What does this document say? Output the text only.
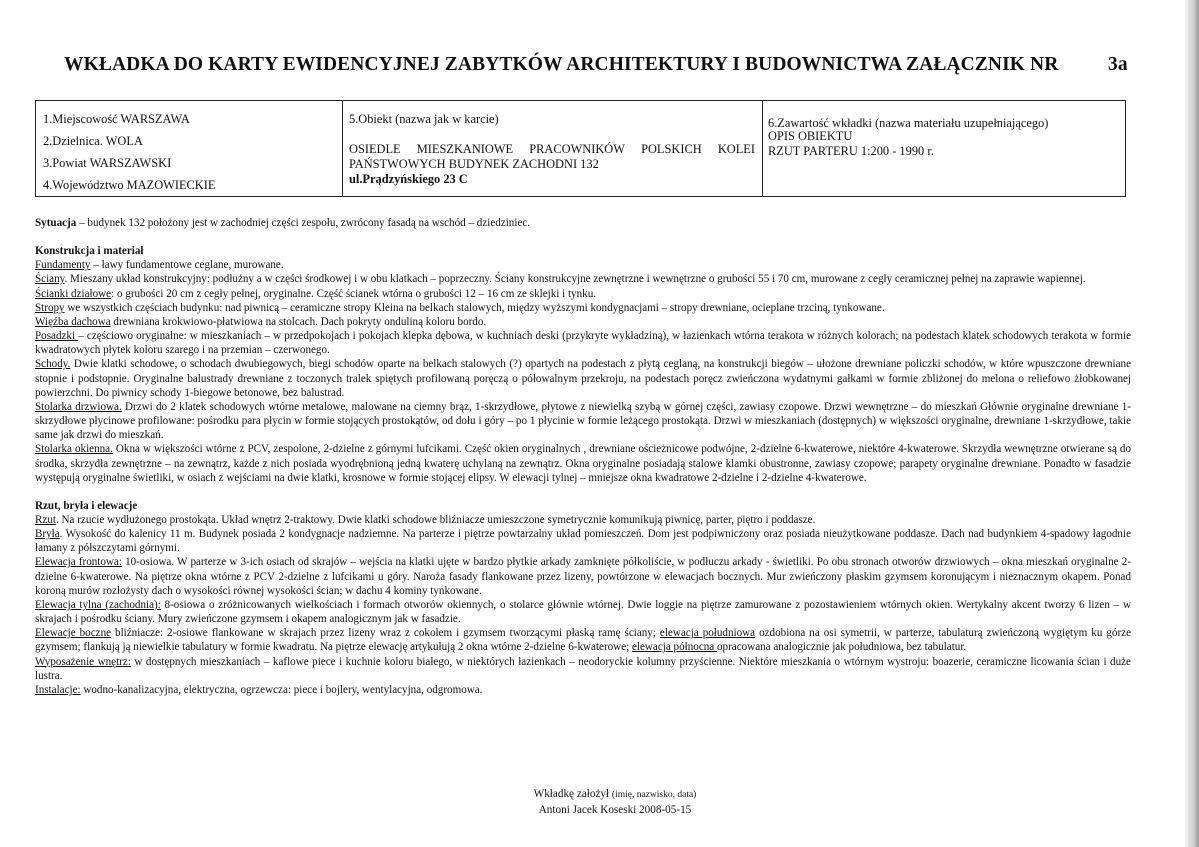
WKŁADKA DO KARTY EWIDENCYJNEJ ZABYTKÓW ARCHITEKTURY I BUDOWNICTWA ZAŁĄCZNIK NR	3a
1.Miejscowość WARSZAWA
2.Dzielnica. WOLA
3.Powiat WARSZAWSKI
4.Województwo MAZOWIECKIE
5.Obiekt (nazwa jak w karcie)
OSIEDLE MIESZKANIOWE PRACOWNIKÓW POLSKICH KOLEI
PAŃSTWOWYCH BUDYNEK ZACHODNI 132
ul.Prądzyńskiego 23 C
6.Zawartość wkładki (nazwa materiału uzupełniającego)
OPIS OBIEKTU
RZUT PARTERU 1:200 - 1990 r.

Sytuacja – budynek 132 położony jest w zachodniej części zespołu, zwrócony fasadą na wschód – dziedziniec.

Konstrukcja i materiał

Fundamenty – ławy fundamentowe ceglane, murowane.

Ściany. Mieszany układ konstrukcyjny: podłużny a w części środkowej i w obu klatkach – poprzeczny. Ściany konstrukcyjne zewnętrzne i wewnętrzne o grubości 55 i 70 cm, murowane z cegły ceramicznej pełnej na zaprawie wapiennej.

Ścianki działowe: o grubości 20 cm z cegły pełnej, oryginalne. Część ścianek wtórna o grubości 12 – 16 cm ze sklejki i tynku.

Stropy we wszystkich częściach budynku: nad piwnicą – ceramiczne stropy Kleina na belkach stalowych, między wyższymi kondygnacjami – stropy drewniane, ocieplane trzciną, tynkowane.

Więźba dachowa drewniana krokwiowo-płatwiowa na stolcach. Dach pokryty onduliną koloru bordo.

Posadzki – częściowo oryginalne: w mieszkaniach – w przedpokojach i pokojach klepka dębowa, w kuchniach deski (przykryte wykładziną), w łazienkach wtórna terakota w różnych kolorach; na podestach klatek schodowych terakota w formie kwadratowych płytek koloru szarego i na przemian – czerwonego.

Schody. Dwie klatki schodowe, o schodach dwubiegowych, biegi schodów oparte na belkach stalowych (?) opartych na podestach z płytą ceglaną, na konstrukcji biegów – ułożone drewniane policzki schodów, w które wpuszczone drewniane stopnie i podstopnie. Oryginalne balustrady drewniane z toczonych tralek spiętych profilowaną poręczą o półowalnym przekroju, na podestach poręcz zwieńczona wydatnymi gałkami w formie zbliżonej do melona o reliefowo żłobkowanej powierzchni. Do piwnicy schody 1-biegowe betonowe, bez balustrad.

Stolarka drzwiowa. Drzwi do 2 klatek schodowych wtórne metalowe, malowane na ciemny brąz, 1-skrzydłowe, płytowe z niewielką szybą w górnej części, zawiasy czopowe. Drzwi wewnętrzne – do mieszkań Głównie oryginalne drewniane 1-skrzydłowe płycinowe profilowane: pośrodku para płycin w formie stojących prostokątów, od dołu i góry – po 1 płycinie w formie leżącego prostokąta. Drzwi w mieszkaniach (dostępnych) w większości oryginalne, drewniane 1-skrzydłowe, takie same jak drzwi do mieszkań.

Stolarka okienna. Okna w większości wtórne z PCV, zespolone, 2-dzielne z górnymi lufcikami. Część okien oryginalnych , drewniane ościeżnicowe podwójne, 2-dzielne 6-kwaterowe, niektóre 4-kwaterowe. Skrzydła wewnętrzne otwierane są do środka, skrzydła zewnętrzne – na zewnątrz, każde z nich posiada wyodrębnioną jedną kwaterę uchylaną na zewnątrz. Okna oryginalne posiadają stalowe klamki obustronne, zawiasy czopowe; parapety oryginalne drewniane. Ponadto w fasadzie występują oryginalne świetliki, w osiach z wejściami na dwie klatki, krosnowe w formie stojącej elipsy. W elewacji tylnej – mniejsze okna kwadratowe 2-dzielne i 2-dzielne 4-kwaterowe.

Rzut, bryła i elewacje

Rzut. Na rzucie wydłużonego prostokąta. Układ wnętrz 2-traktowy. Dwie klatki schodowe bliźniacze umieszczone symetrycznie komunikują piwnicę, parter, piętro i poddasze.

Bryła. Wysokość do kalenicy 11 m. Budynek posiada 2 kondygnacje nadziemne. Na parterze i piętrze powtarzalny układ pomieszczeń. Dom jest podpiwniczony oraz posiada nieużytkowane poddasze. Dach nad budynkiem 4-spadowy łagodnie łamany z półszczytami górnymi.

Elewacja frontowa: 10-osiowa. W parterze w 3-ich osiach od skrajów – wejścia na klatki ujęte w bardzo płytkie arkady zamknięte półkoliście, w podłuczu arkady - świetliki. Po obu stronach otworów drzwiowych – okna mieszkań oryginalne 2-dzielne 6-kwaterowe. Na piętrze okna wtórne z PCV 2-dzielne z lufcikami u góry. Naroża fasady flankowane przez lizeny, powtórzone w elewacjach bocznych. Mur zwieńczony płaskim gzymsem koronującym i nieznacznym okapem. Ponad koroną murów rozłożysty dach o wysokości równej wysokości ścian; w dachu 4 kominy tynkowane.

Elewacja tylna (zachodnia): 8-osiowa o zróżnicowanych wielkościach i formach otworów okiennych, o stolarce głównie wtórnej. Dwie loggie na piętrze zamurowane z pozostawieniem wtórnych okien. Wertykalny akcent tworzy 6 lizen – w skrajach i pośrodku ściany. Mury zwieńczone gzymsem i okapem analogicznym jak w fasadzie.

Elewacje boczne bliźniacze: 2-osiowe flankowane w skrajach przez lizeny wraz z cokołem i gzymsem tworzącymi płaską ramę ściany; elewacja południowa ozdobiona na osi symetrii, w parterze, tabulaturą zwieńczoną wygiętym ku górze gzymsem; flankują ją niewielkie tabulatury w formie kwadratu. Na piętrze elewację artykułują 2 okna wtórne 2-dzielne 6-kwaterowe; elewacja północna opracowana analogicznie jak południowa, bez tabulatur.

Wyposażenie wnętrz: w dostępnych mieszkaniach – kaflowe piece i kuchnie koloru białego, w niektórych łazienkach – neodoryckie kolumny przyścienne. Niektóre mieszkania o wtórnym wystroju: boazerie, ceramiczne licowania ścian i duże lustra.

Instalacje: wodno-kanalizacyjna, elektryczna, ogrzewcza: piece i bojlery, wentylacyjna, odgromowa.

Wkładkę założył (imię, nazwisko, data)
Antoni Jacek Koseski 2008-05-15
